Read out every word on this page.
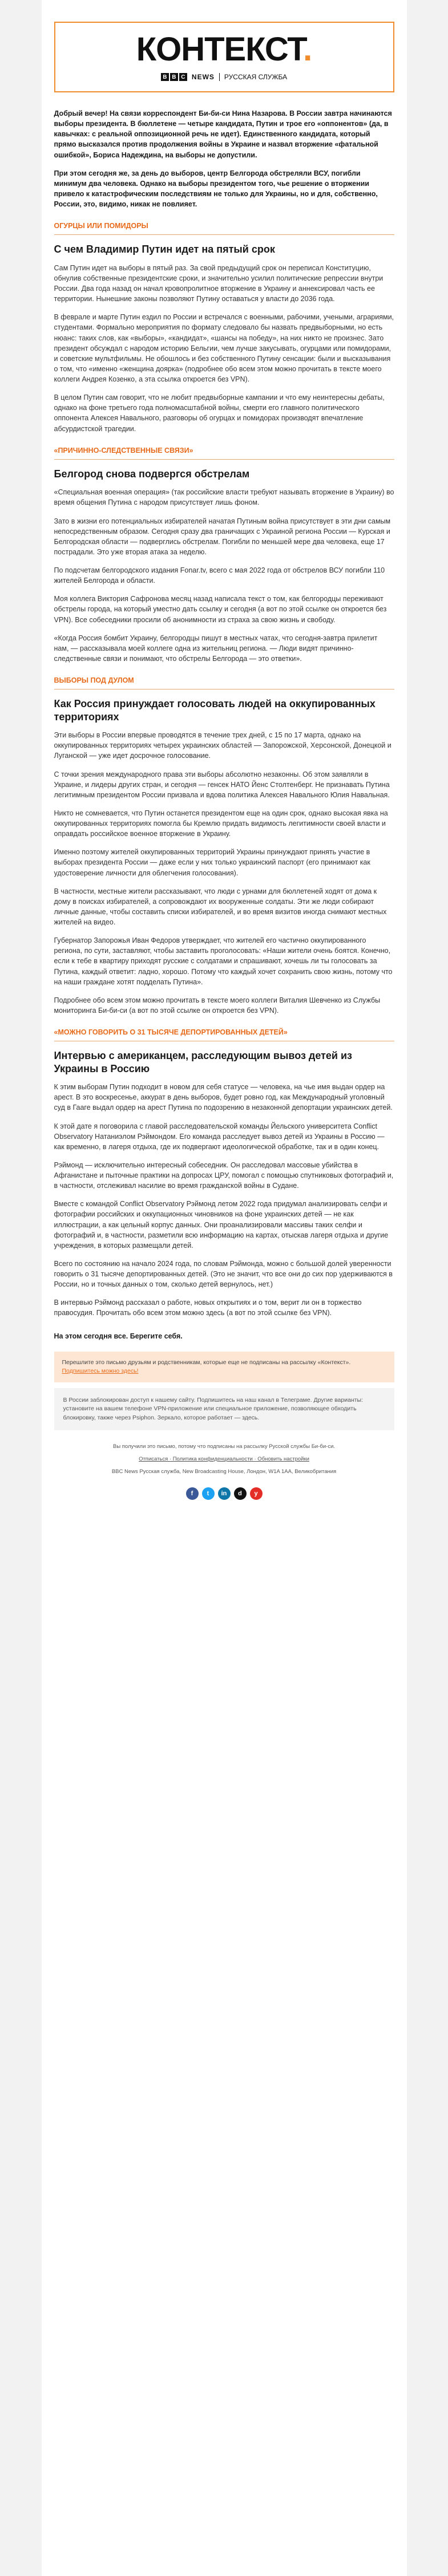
КОНТЕКСТ.
B B C NEWS РУССКАЯ СЛУЖБА

Добрый вечер! На связи корреспондент Би-би-си Нина Назарова. В России завтра начинаются выборы президента. В бюллетене — четыре кандидата, Путин и трое его «оппонентов» (да, в кавычках: с реальной оппозиционной речь не идет). Единственного кандидата, который прямо высказался против продолжения войны в Украине и назвал вторжение «фатальной ошибкой», Бориса Надеждина, на выборы не допустили.

При этом сегодня же, за день до выборов, центр Белгорода обстреляли ВСУ, погибли минимум два человека. Однако на выборы президентом того, чье решение о вторжении привело к катастрофическим последствиям не только для Украины, но и для, собственно, России, это, видимо, никак не повлияет.

ОГУРЦЫ ИЛИ ПОМИДОРЫ
С чем Владимир Путин идет на пятый срок

Сам Путин идет на выборы в пятый раз. За свой предыдущий срок он переписал Конституцию, обнулив собственные президентские сроки, и значительно усилил политические репрессии внутри России. Два года назад он начал кровопролитное вторжение в Украину и аннексировал часть ее территории. Нынешние законы позволяют Путину оставаться у власти до 2036 года.

В феврале и марте Путин ездил по России и встречался с военными, рабочими, учеными, аграриями, студентами. Формально мероприятия по формату следовало бы назвать предвыборными, но есть нюанс: таких слов, как «выборы», «кандидат», «шансы на победу», на них никто не произнес. Зато президент обсуждал с народом историю Бельгии, чем лучше закусывать, огурцами или помидорами, и советские мультфильмы. Не обошлось и без собственного Путину сенсации: были и высказывания о том, что «именно «женщина доярка» (подробнее обо всем этом можно прочитать в тексте моего коллеги Андрея Козенко, а эта ссылка откроется без VPN).

В целом Путин сам говорит, что не любит предвыборные кампании и что ему неинтересны дебаты, однако на фоне третьего года полномасштабной войны, смерти его главного политического оппонента Алексея Навального, разговоры об огурцах и помидорах производят впечатление абсурдистской трагедии.

«ПРИЧИННО-СЛЕДСТВЕННЫЕ СВЯЗИ»
Белгород снова подвергся обстрелам

«Специальная военная операция» (так российские власти требуют называть вторжение в Украину) во время общения Путина с народом присутствует лишь фоном.

Зато в жизни его потенциальных избирателей начатая Путиным война присутствует в эти дни самым непосредственным образом. Сегодня сразу два граничащих с Украиной региона России — Курская и Белгородская области — подверглись обстрелам. Погибли по меньшей мере два человека, еще 17 пострадали. Это уже вторая атака за неделю.

По подсчетам белгородского издания Fonar.tv, всего с мая 2022 года от обстрелов ВСУ погибли 110 жителей Белгорода и области.

Моя коллега Виктория Сафронова месяц назад написала текст о том, как белгородцы переживают обстрелы города, на который уместно дать ссылку и сегодня (а вот по этой ссылке он откроется без VPN). Все собеседники просили об анонимности из страха за свою жизнь и свободу.

«Когда Россия бомбит Украину, белгородцы пишут в местных чатах, что сегодня-завтра прилетит нам, — рассказывала моей коллеге одна из жительниц региона. — Люди видят причинно-следственные связи и понимают, что обстрелы Белгорода — это ответки».

ВЫБОРЫ ПОД ДУЛОМ
Как Россия принуждает голосовать людей на оккупированных территориях

Эти выборы в России впервые проводятся в течение трех дней, с 15 по 17 марта, однако на оккупированных территориях четырех украинских областей — Запорожской, Херсонской, Донецкой и Луганской — уже идет досрочное голосование.

С точки зрения международного права эти выборы абсолютно незаконны. Об этом заявляли в Украине, и лидеры других стран, и сегодня — генсек НАТО Йенс Столтенберг. Не признавать Путина легитимным президентом России призвала и вдова политика Алексея Навального Юлия Навальная.

Никто не сомневается, что Путин останется президентом еще на один срок, однако высокая явка на оккупированных территориях помогла бы Кремлю придать видимость легитимности своей власти и оправдать российское военное вторжение в Украину.

Именно поэтому жителей оккупированных территорий Украины принуждают принять участие в выборах президента России — даже если у них только украинский паспорт (его принимают как удостоверение личности для облегчения голосования).

В частности, местные жители рассказывают, что люди с урнами для бюллетеней ходят от дома к дому в поисках избирателей, а сопровождают их вооруженные солдаты. Эти же люди собирают личные данные, чтобы составить списки избирателей, и во время визитов иногда снимают местных жителей на видео.

Губернатор Запорожья Иван Федоров утверждает, что жителей его частично оккупированного региона, по сути, заставляют, чтобы заставить проголосовать: «Наши жители очень боятся. Конечно, если к тебе в квартиру приходят русские с солдатами и спрашивают, хочешь ли ты голосовать за Путина, каждый ответит: ладно, хорошо. Потому что каждый хочет сохранить свою жизнь, потому что на наши граждане хотят подделать Путина».

Подробнее обо всем этом можно прочитать в тексте моего коллеги Виталия Шевченко из Службы мониторинга Би-би-си (а вот по этой ссылке он откроется без VPN).

«МОЖНО ГОВОРИТЬ О 31 ТЫСЯЧЕ ДЕПОРТИРОВАННЫХ ДЕТЕЙ»
Интервью с американцем, расследующим вывоз детей из Украины в Россию

К этим выборам Путин подходит в новом для себя статусе — человека, на чье имя выдан ордер на арест. В это воскресенье, аккурат в день выборов, будет ровно год, как Международный уголовный суд в Гааге выдал ордер на арест Путина по подозрению в незаконной депортации украинских детей.

К этой дате я поговорила с главой расследовательской команды Йельского университета Conflict Observatory Натаниэлом Рэймондом. Его команда расследует вывоз детей из Украины в Россию — как временно, в лагеря отдыха, где их подвергают идеологической обработке, так и в один конец.

Рэймонд — исключительно интересный собеседник. Он расследовал массовые убийства в Афганистане и пыточные практики на допросах ЦРУ, помогал с помощью спутниковых фотографий и, в частности, отслеживал насилие во время гражданской войны в Судане.

Вместе с командой Conflict Observatory Рэймонд летом 2022 года придумал анализировать селфи и фотографии российских и оккупационных чиновников на фоне украинских детей — не как иллюстрации, а как цельный корпус данных. Они проанализировали массивы таких селфи и фотографий и, в частности, разметили всю информацию на картах, отыскав лагеря отдыха и другие учреждения, в которых размещали детей.

Всего по состоянию на начало 2024 года, по словам Рэймонда, можно с большой долей уверенности говорить о 31 тысяче депортированных детей. (Это не значит, что все они до сих пор удерживаются в России, но и точных данных о том, сколько детей вернулось, нет.)

В интервью Рэймонд рассказал о работе, новых открытиях и о том, верит ли он в торжество правосудия. Прочитать обо всем этом можно здесь (а вот по этой ссылке без VPN).

На этом сегодня все. Берегите себя.
Перешлите это письмо друзьям и родственникам, которые еще не подписаны на рассылку «Контекст». Подпишитесь можно здесь!
В России заблокирован доступ к нашему сайту. Подпишитесь на наш канал в Телеграме. Другие варианты: установите на вашем телефоне VPN-приложение или специальное приложение, позволяющее обходить блокировку, также через Psiphon. Зеркало, которое работает — здесь.
Вы получили это письмо, потому что подписаны на рассылку Русской службы Би-би-си.
Отписаться · Политика конфиденциальности · Обновить настройки
BBC News Русская служба, New Broadcasting House, Лондон, W1A 1AA, Великобритания
f	t	in	d	y
